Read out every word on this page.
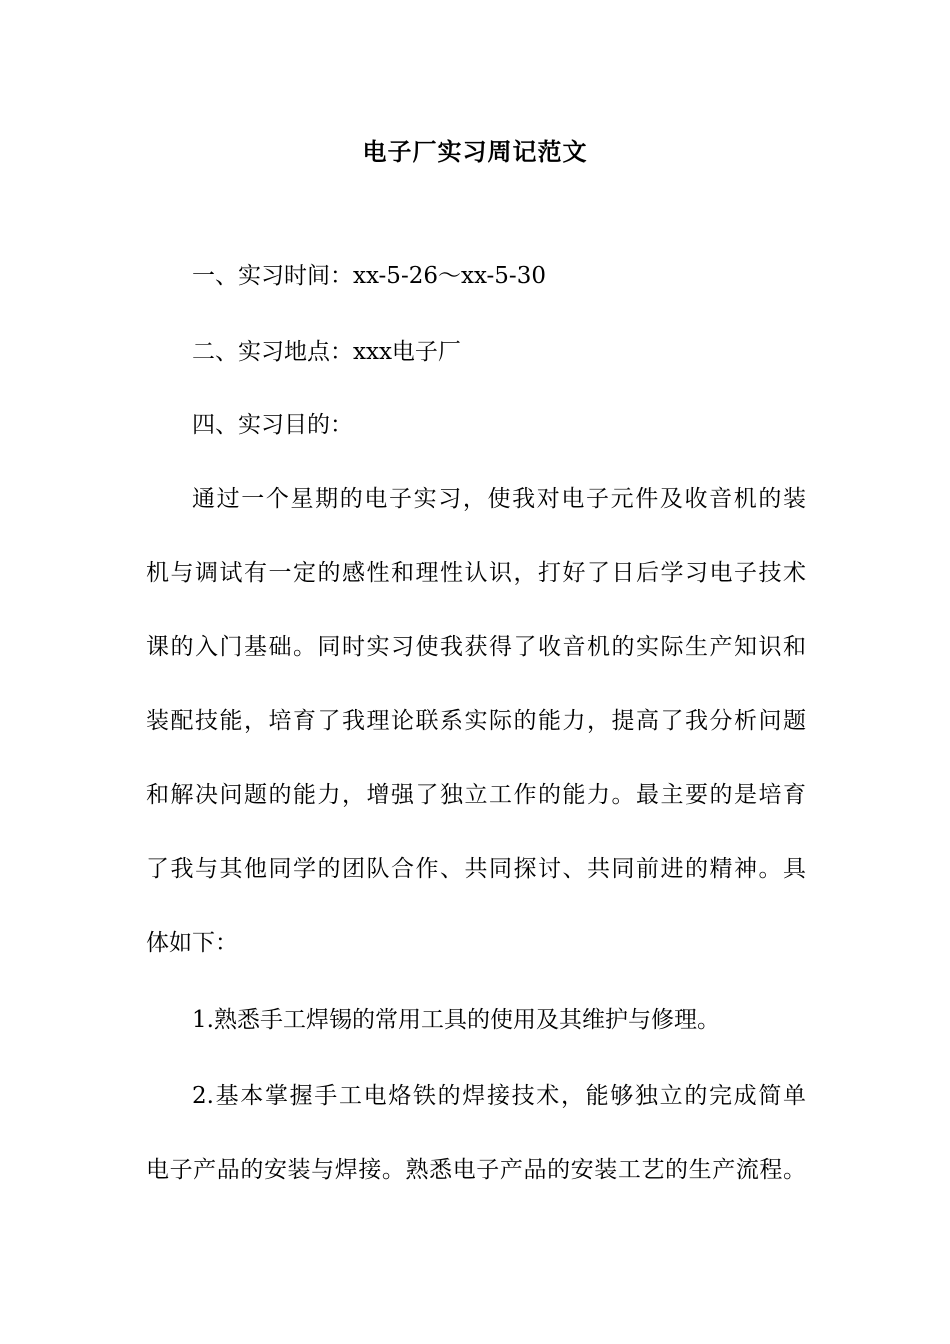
电子厂实习周记范文
一、实习时间：xx-5-26～xx-5-30
二、实习地点：xxx电子厂
四、实习目的：
通过一个星期的电子实习，使我对电子元件及收音机的装
机与调试有一定的感性和理性认识，打好了日后学习电子技术
课的入门基础。同时实习使我获得了收音机的实际生产知识和
装配技能，培育了我理论联系实际的能力，提高了我分析问题
和解决问题的能力，增强了独立工作的能力。最主要的是培育
了我与其他同学的团队合作、共同探讨、共同前进的精神。具
体如下：
1.熟悉手工焊锡的常用工具的使用及其维护与修理。
2.基本掌握手工电烙铁的焊接技术，能够独立的完成简单
电子产品的安装与焊接。熟悉电子产品的安装工艺的生产流程。
